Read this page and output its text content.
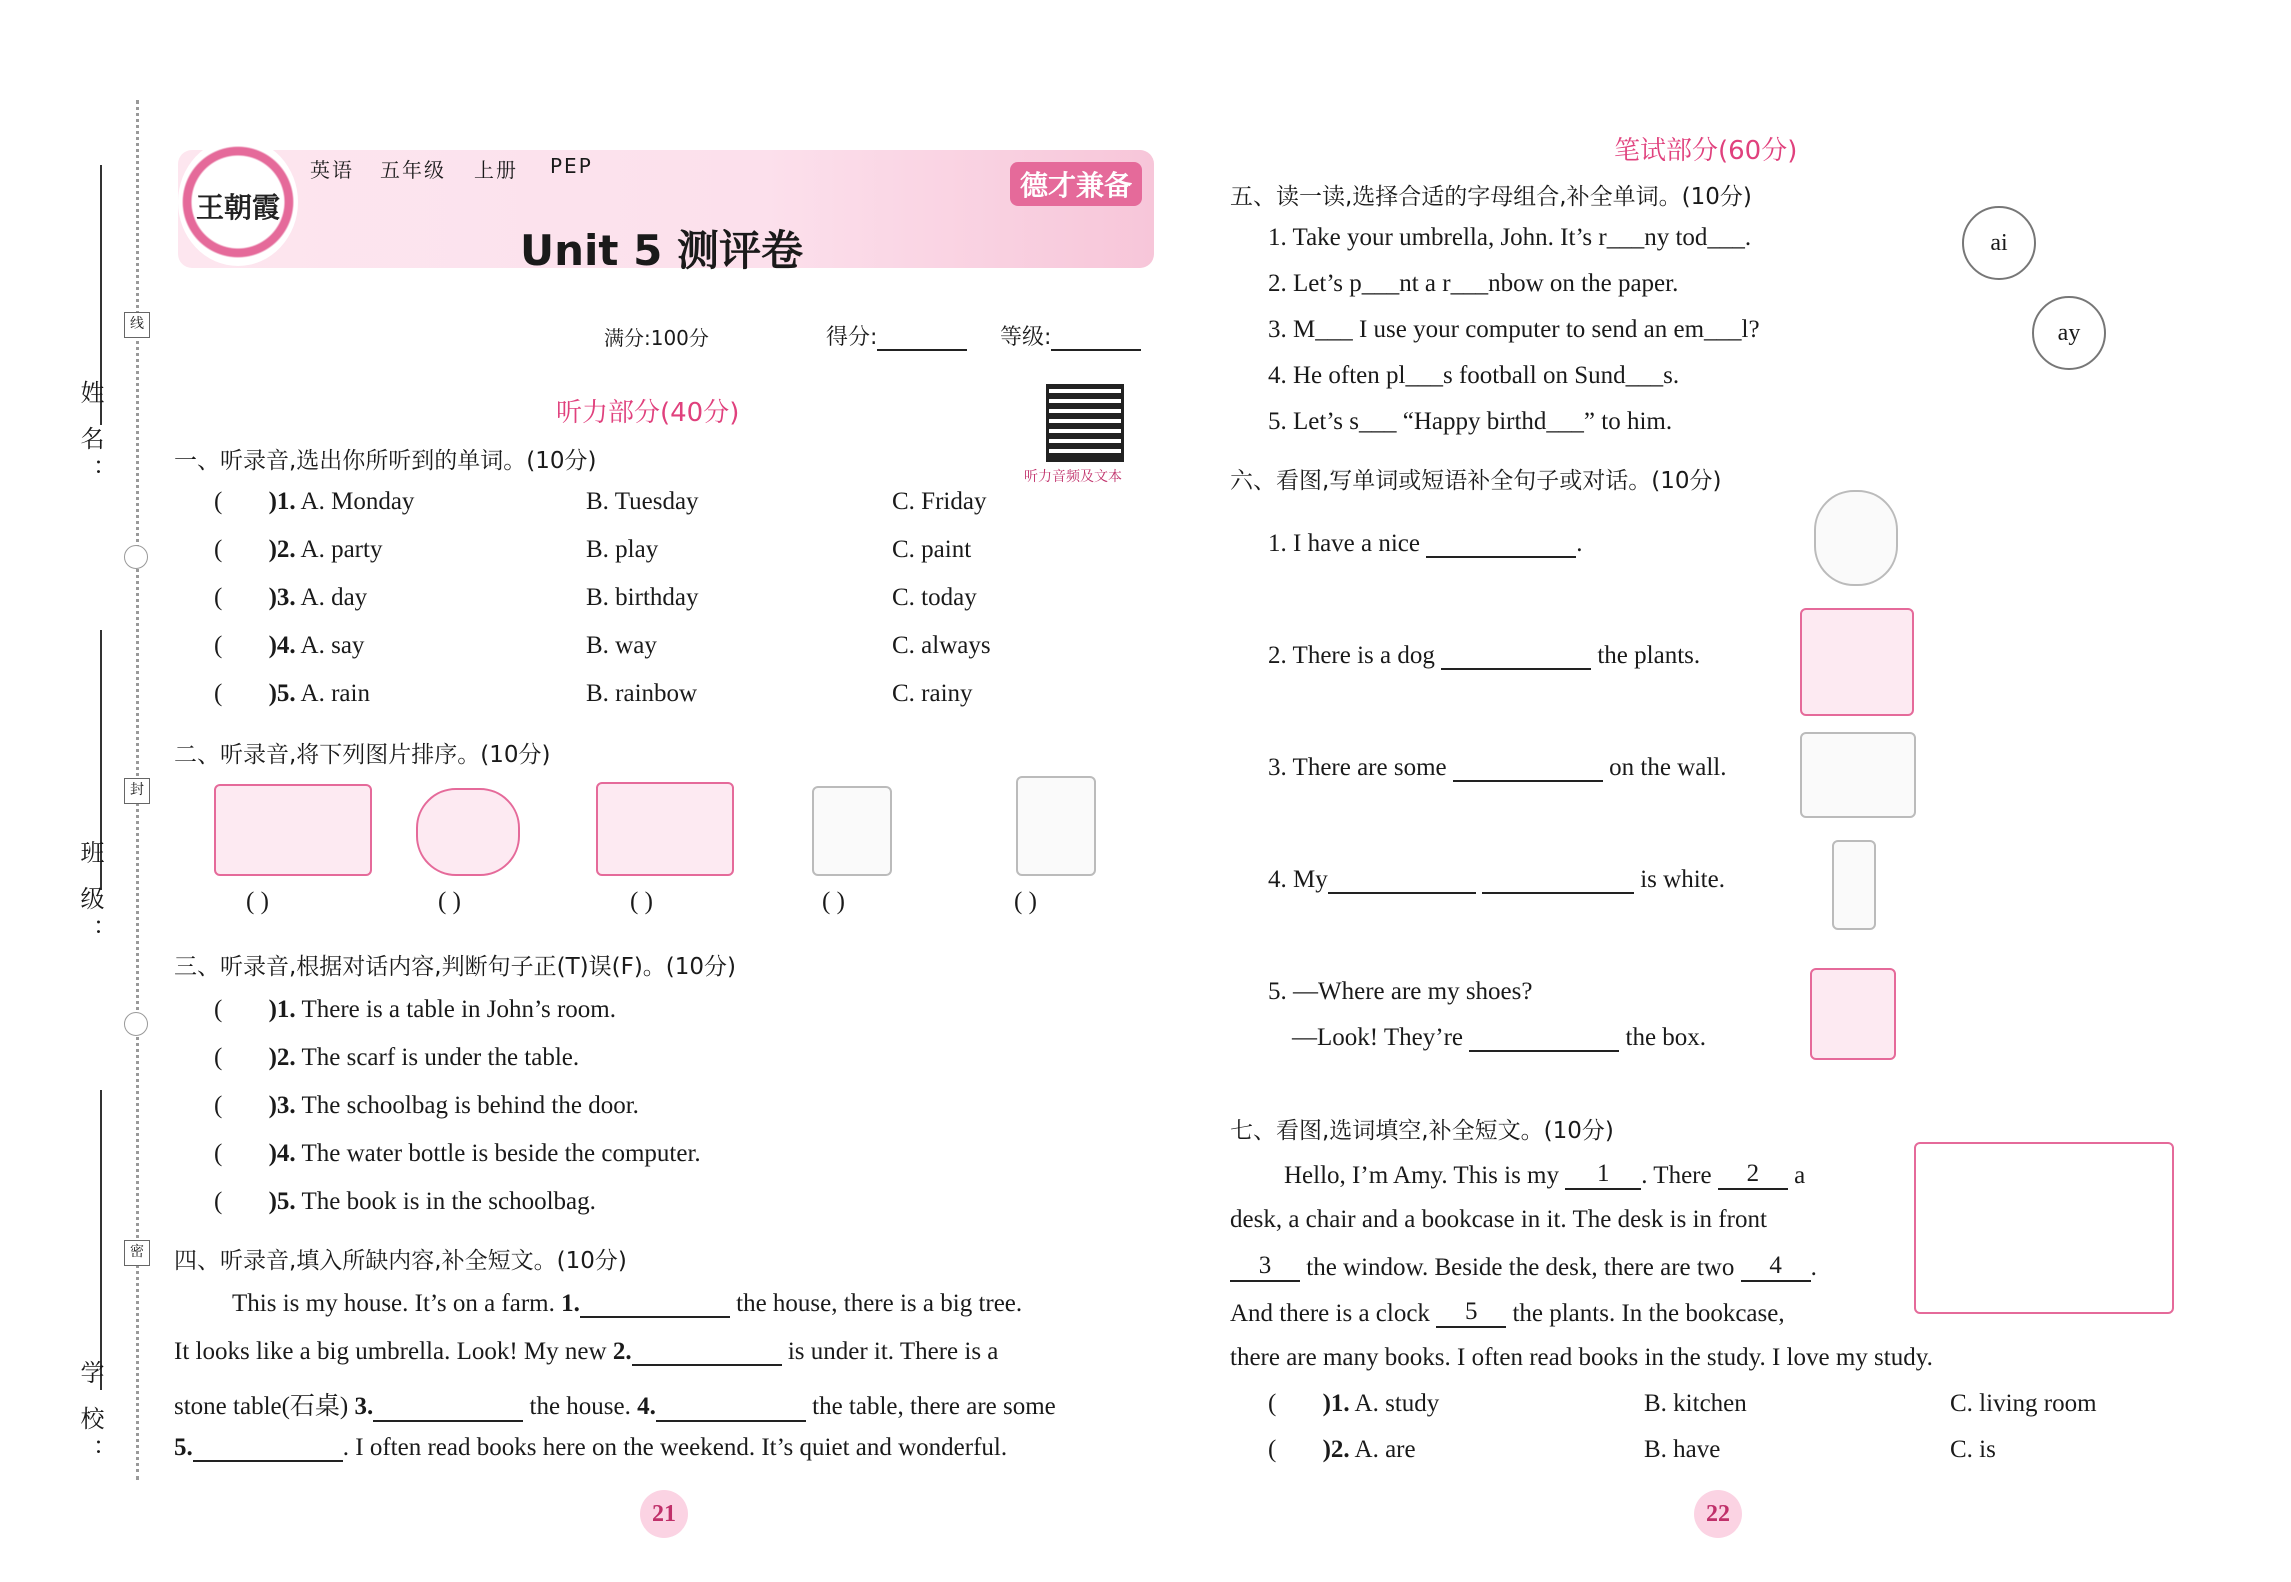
姓 名：
线
班 级：
封
学 校：
密
王朝霞
英语 五年级 上册 PEP
德才兼备
Unit 5 测评卷
满分:100分	得分:	等级:
听力部分(40分)
听力音频及文本
一、听录音,选出你所听到的单词。(10分)
( )1. A. Monday	B. Tuesday	C. Friday
( )2. A. party	B. play	C. paint
( )3. A. day	B. birthday	C. today
( )4. A. say	B. way	C. always
( )5. A. rain	B. rainbow	C. rainy
二、听录音,将下列图片排序。(10分)
( )	( )	( )	( )	( )
三、听录音,根据对话内容,判断句子正(T)误(F)。(10分)
( )1. There is a table in John’s room.
( )2. The scarf is under the table.
( )3. The schoolbag is behind the door.
( )4. The water bottle is beside the computer.
( )5. The book is in the schoolbag.
四、听录音,填入所缺内容,补全短文。(10分)
This is my house. It’s on a farm. 1.	the house, there is a big tree.
It looks like a big umbrella. Look! My new 2.	is under it. There is a
stone table(石桌) 3.	the house. 4.	the table, there are some
5.	. I often read books here on the weekend. It’s quiet and wonderful.
21	22
笔试部分(60分)
五、读一读,选择合适的字母组合,补全单词。(10分)
1. Take your umbrella, John. It’s r___ny tod___.
2. Let’s p___nt a r___nbow on the paper.
3. M___ I use your computer to send an em___l?
4. He often pl___s football on Sund___s.
5. Let’s s___ “Happy birthd___” to him.
ai
ay
六、看图,写单词或短语补全句子或对话。(10分)
1. I have a nice	.
2. There is a dog	the plants.
3. There are some	on the wall.
4. My	is white.
5. —Where are my shoes?
—Look! They’re	the box.
七、看图,选词填空,补全短文。(10分)
Hello, I’m Amy. This is my 1 . There 2 a
desk, a chair and a bookcase in it. The desk is in front
3 the window. Beside the desk, there are two 4 .
And there is a clock 5 the plants. In the bookcase,
there are many books. I often read books in the study. I love my study.
( )1. A. study	B. kitchen	C. living room
( )2. A. are	B. have	C. is
